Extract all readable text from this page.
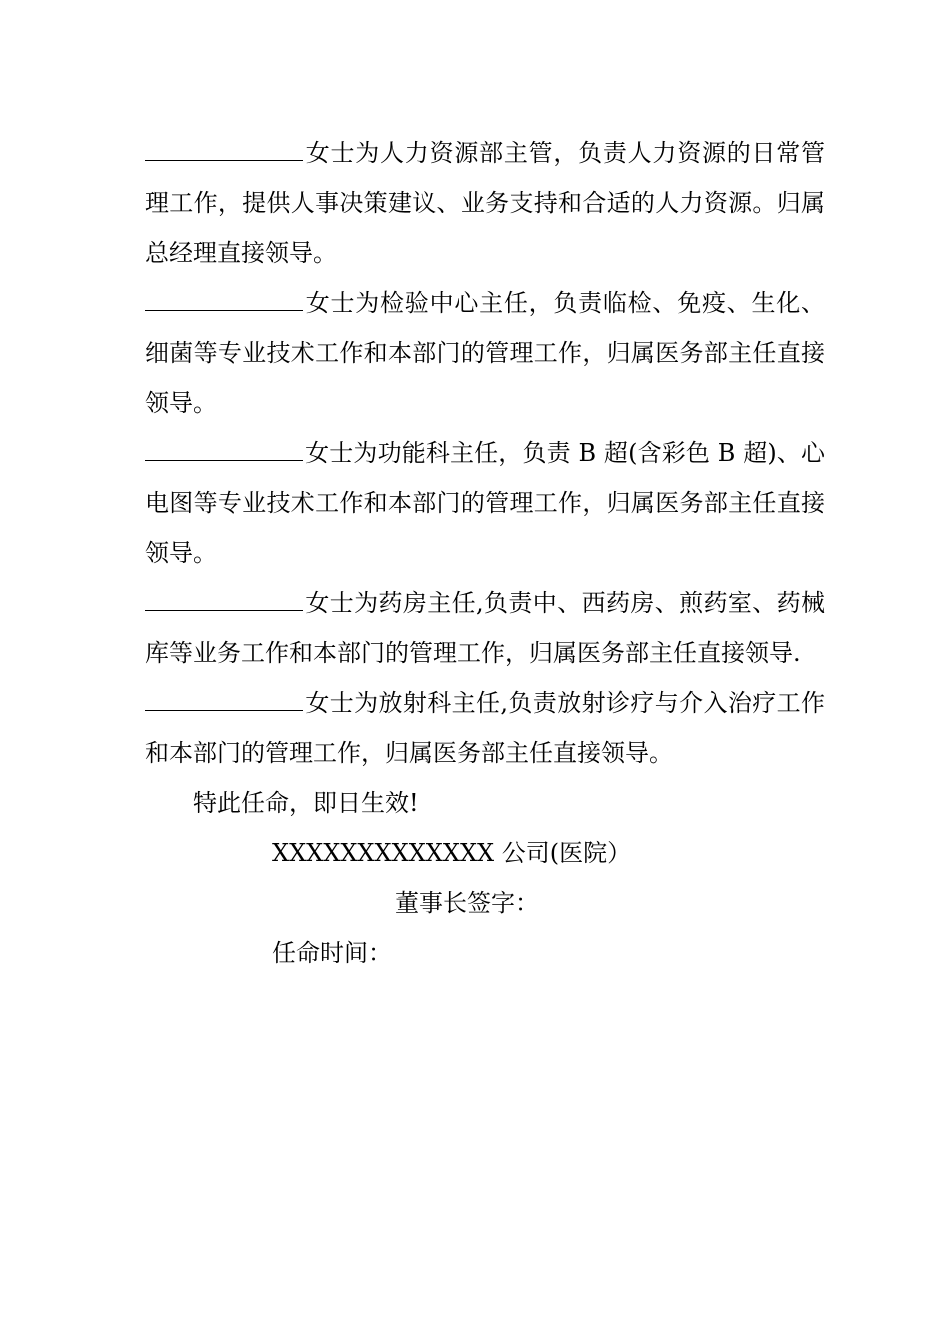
女士为人力资源部主管，负责人力资源的日常管理工作，提供人事决策建议、业务支持和合适的人力资源。归属总经理直接领导。

女士为检验中心主任，负责临检、免疫、生化、细菌等专业技术工作和本部门的管理工作，归属医务部主任直接领导。

女士为功能科主任，负责 B 超(含彩色 B 超)、心电图等专业技术工作和本部门的管理工作，归属医务部主任直接领导。

女士为药房主任,负责中、西药房、煎药室、药械库等业务工作和本部门的管理工作，归属医务部主任直接领导.

女士为放射科主任,负责放射诊疗与介入治疗工作和本部门的管理工作，归属医务部主任直接领导。

特此任命，即日生效!

XXXXXXXXXXXXX 公司(医院）

董事长签字：

任命时间：
